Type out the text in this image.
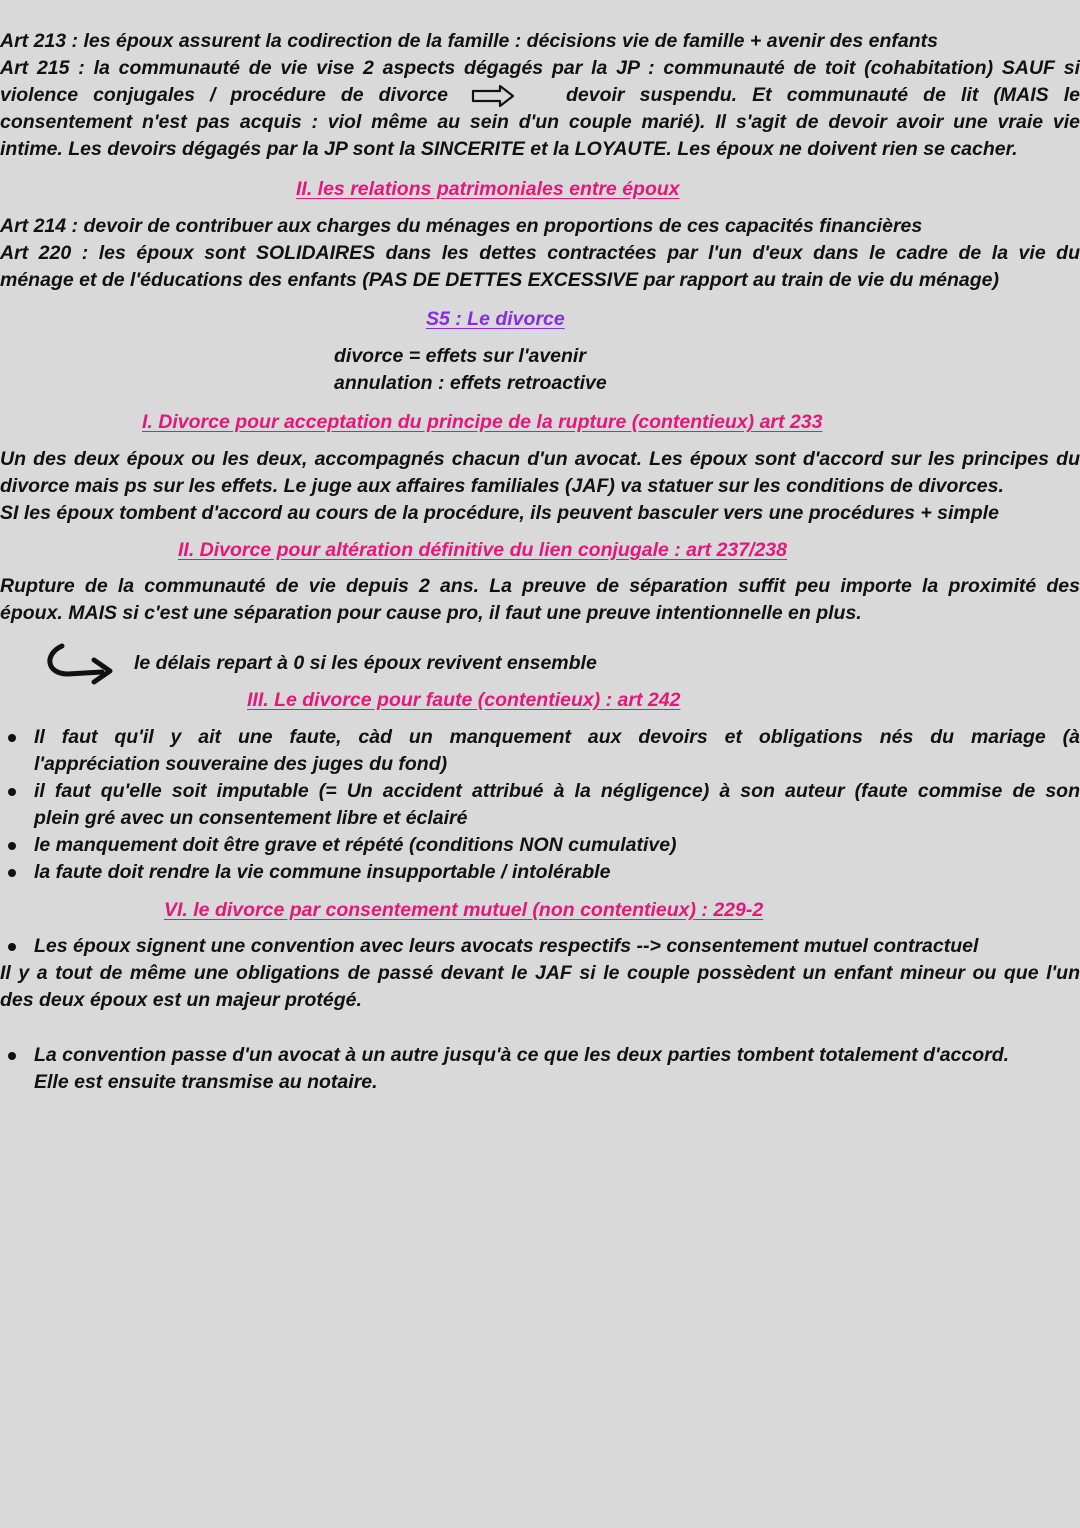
Art 213 : les époux assurent la codirection de la famille : décisions vie de famille + avenir des enfants
Art 215 : la communauté de vie vise 2 aspects dégagés par la JP : communauté de toit (cohabitation) SAUF si
violence conjugales / procédure de divorce	devoir suspendu. Et communauté de lit (MAIS le
consentement n'est pas acquis : viol même au sein d'un couple marié). Il s'agit de devoir avoir une vraie vie
intime. Les devoirs dégagés par la JP sont la SINCERITE et la LOYAUTE. Les époux ne doivent rien se cacher.
II. les relations patrimoniales entre époux
Art 214 : devoir de contribuer aux charges du ménages en proportions de ces capacités financières
Art 220 : les époux sont SOLIDAIRES dans les dettes contractées par l'un d'eux dans le cadre de la vie du
ménage et de l'éducations des enfants (PAS DE DETTES EXCESSIVE par rapport au train de vie du ménage)
S5 : Le divorce
divorce = effets sur l'avenir
annulation : effets retroactive
I. Divorce pour acceptation du principe de la rupture (contentieux) art 233
Un des deux époux ou les deux, accompagnés chacun d'un avocat. Les époux sont d'accord sur les principes du
divorce mais ps sur les effets. Le juge aux affaires familiales (JAF) va statuer sur les conditions de divorces.
SI les époux tombent d'accord au cours de la procédure, ils peuvent basculer vers une procédures + simple
II. Divorce pour altération définitive du lien conjugale : art 237/238
Rupture de la communauté de vie depuis 2 ans. La preuve de séparation suffit peu importe la proximité des
époux. MAIS si c'est une séparation pour cause pro, il faut une preuve intentionnelle en plus.
le délais repart à 0 si les époux revivent ensemble
III. Le divorce pour faute (contentieux) : art 242
Il faut qu'il y ait une faute, càd un manquement aux devoirs et obligations nés du mariage (à
l'appréciation souveraine des juges du fond)
il faut qu'elle soit imputable (= Un accident attribué à la négligence) à son auteur (faute commise de son
plein gré avec un consentement libre et éclairé
le manquement doit être grave et répété (conditions NON cumulative)
la faute doit rendre la vie commune insupportable / intolérable
VI. le divorce par consentement mutuel (non contentieux) : 229-2
Les époux signent une convention avec leurs avocats respectifs --> consentement mutuel contractuel
Il y a tout de même une obligations de passé devant le JAF si le couple possèdent un enfant mineur ou que l'un
des deux époux est un majeur protégé.
La convention passe d'un avocat à un autre jusqu'à ce que les deux parties tombent totalement d'accord.
Elle est ensuite transmise au notaire.
